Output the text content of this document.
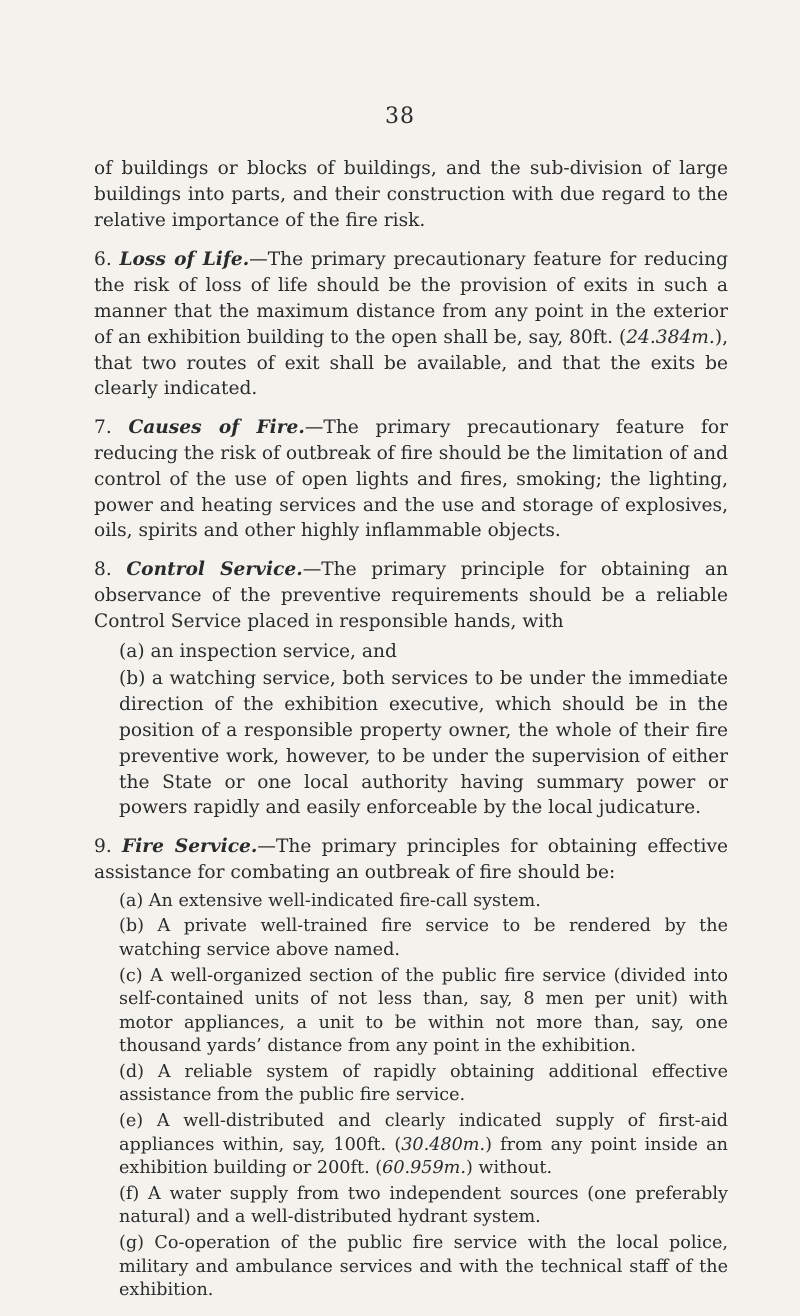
38

of buildings or blocks of buildings, and the sub-division of large buildings into parts, and their construction with due regard to the relative importance of the fire risk.

6. Loss of Life.—The primary precautionary feature for reducing the risk of loss of life should be the provision of exits in such a manner that the maximum distance from any point in the exterior of an exhibition building to the open shall be, say, 80ft. (24.384m.), that two routes of exit shall be available, and that the exits be clearly indicated.

7. Causes of Fire.—The primary precautionary feature for reducing the risk of outbreak of fire should be the limitation of and control of the use of open lights and fires, smoking; the lighting, power and heating services and the use and storage of explosives, oils, spirits and other highly inflammable objects.

8. Control Service.—The primary principle for obtaining an observance of the preventive requirements should be a reliable Control Service placed in responsible hands, with

(a) an inspection service, and
(b) a watching service, both services to be under the immediate direction of the exhibition executive, which should be in the position of a responsible property owner, the whole of their fire preventive work, however, to be under the supervision of either the State or one local authority having summary power or powers rapidly and easily enforceable by the local judicature.

9. Fire Service.—The primary principles for obtaining effective assistance for combating an outbreak of fire should be:

(a) An extensive well-indicated fire-call system.
(b) A private well-trained fire service to be rendered by the watching service above named.
(c) A well-organized section of the public fire service (divided into self-contained units of not less than, say, 8 men per unit) with motor appliances, a unit to be within not more than, say, one thousand yards’ distance from any point in the exhibition.
(d) A reliable system of rapidly obtaining additional effective assistance from the public fire service.
(e) A well-distributed and clearly indicated supply of first-aid appliances within, say, 100ft. (30.480m.) from any point inside an exhibition building or 200ft. (60.959m.) without.
(f) A water supply from two independent sources (one preferably natural) and a well-distributed hydrant system.
(g) Co-operation of the public fire service with the local police, military and ambulance services and with the technical staff of the exhibition.
